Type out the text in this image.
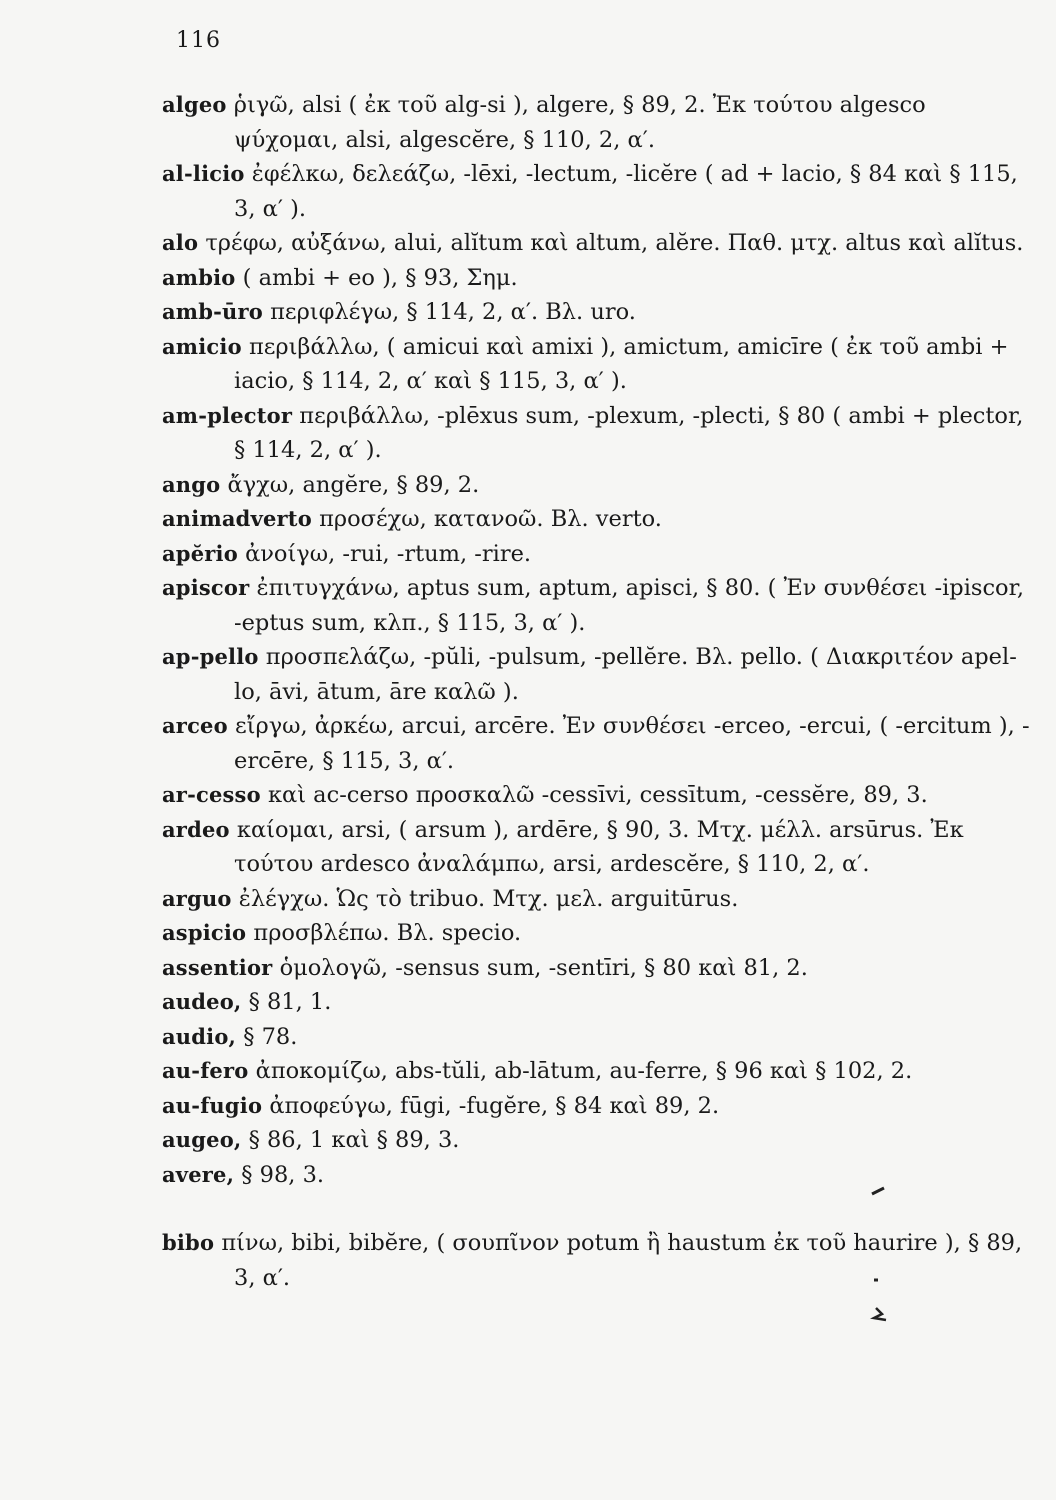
116

algeo ῥιγῶ, alsi ( ἐκ τοῦ alg-si ), algere, § 89, 2. Ἐκ τούτου algesco ψύχομαι, alsi, algescĕre, § 110, 2, α′.

al-licio ἐφέλκω, δελεάζω, -lēxi, -lectum, -licĕre ( ad + lacio, § 84 καὶ § 115, 3, α′ ).

alo τρέφω, αὐξάνω, alui, alĭtum καὶ altum, alĕre. Παθ. μτχ. altus καὶ alĭtus.

ambio ( ambi + eo ), § 93, Σημ.

amb-ūro περιφλέγω, § 114, 2, α′. Βλ. uro.

amicio περιβάλλω, ( amicui καὶ amixi ), amictum, amicīre ( ἐκ τοῦ ambi + iacio, § 114, 2, α′ καὶ § 115, 3, α′ ).

am-plector περιβάλλω, -plēxus sum, -plexum, -plecti, § 80 ( ambi + plector, § 114, 2, α′ ).

ango ἄγχω, angĕre, § 89, 2.

animadverto προσέχω, κατανοῶ. Βλ. verto.

apĕrio ἀνοίγω, -rui, -rtum, -rire.

apiscor ἐπιτυγχάνω, aptus sum, aptum, apisci, § 80. ( Ἐν συνθέσει -ipiscor, -eptus sum, κλπ., § 115, 3, α′ ).

ap-pello προσπελάζω, -pŭli, -pulsum, -pellĕre. Βλ. pello. ( Διακριτέον apel-lo, āvi, ātum, āre καλῶ ).

arceo εἴργω, ἀρκέω, arcui, arcēre. Ἐν συνθέσει -erceo, -ercui, ( -ercitum ), -ercēre, § 115, 3, α′.

ar-cesso καὶ ac-cerso προσκαλῶ -cessīvi, cessītum, -cessĕre, 89, 3.

ardeo καίομαι, arsi, ( arsum ), ardēre, § 90, 3. Μτχ. μέλλ. arsūrus. Ἐκ τούτου ardesco ἀναλάμπω, arsi, ardescĕre, § 110, 2, α′.

arguo ἐλέγχω. Ὡς τὸ tribuo. Μτχ. μελ. arguitūrus.

aspicio προσβλέπω. Βλ. specio.

assentior ὁμολογῶ, -sensus sum, -sentīri, § 80 καὶ 81, 2.

audeo, § 81, 1.

audio, § 78.

au-fero ἀποκομίζω, abs-tŭli, ab-lātum, au-ferre, § 96 καὶ § 102, 2.

au-fugio ἀποφεύγω, fūgi, -fugĕre, § 84 καὶ 89, 2.

augeo, § 86, 1 καὶ § 89, 3.

avere, § 98, 3.

bibo πίνω, bibi, bibĕre, ( σουπῖνον potum ἢ haustum ἐκ τοῦ haurire ), § 89, 3, α′.
